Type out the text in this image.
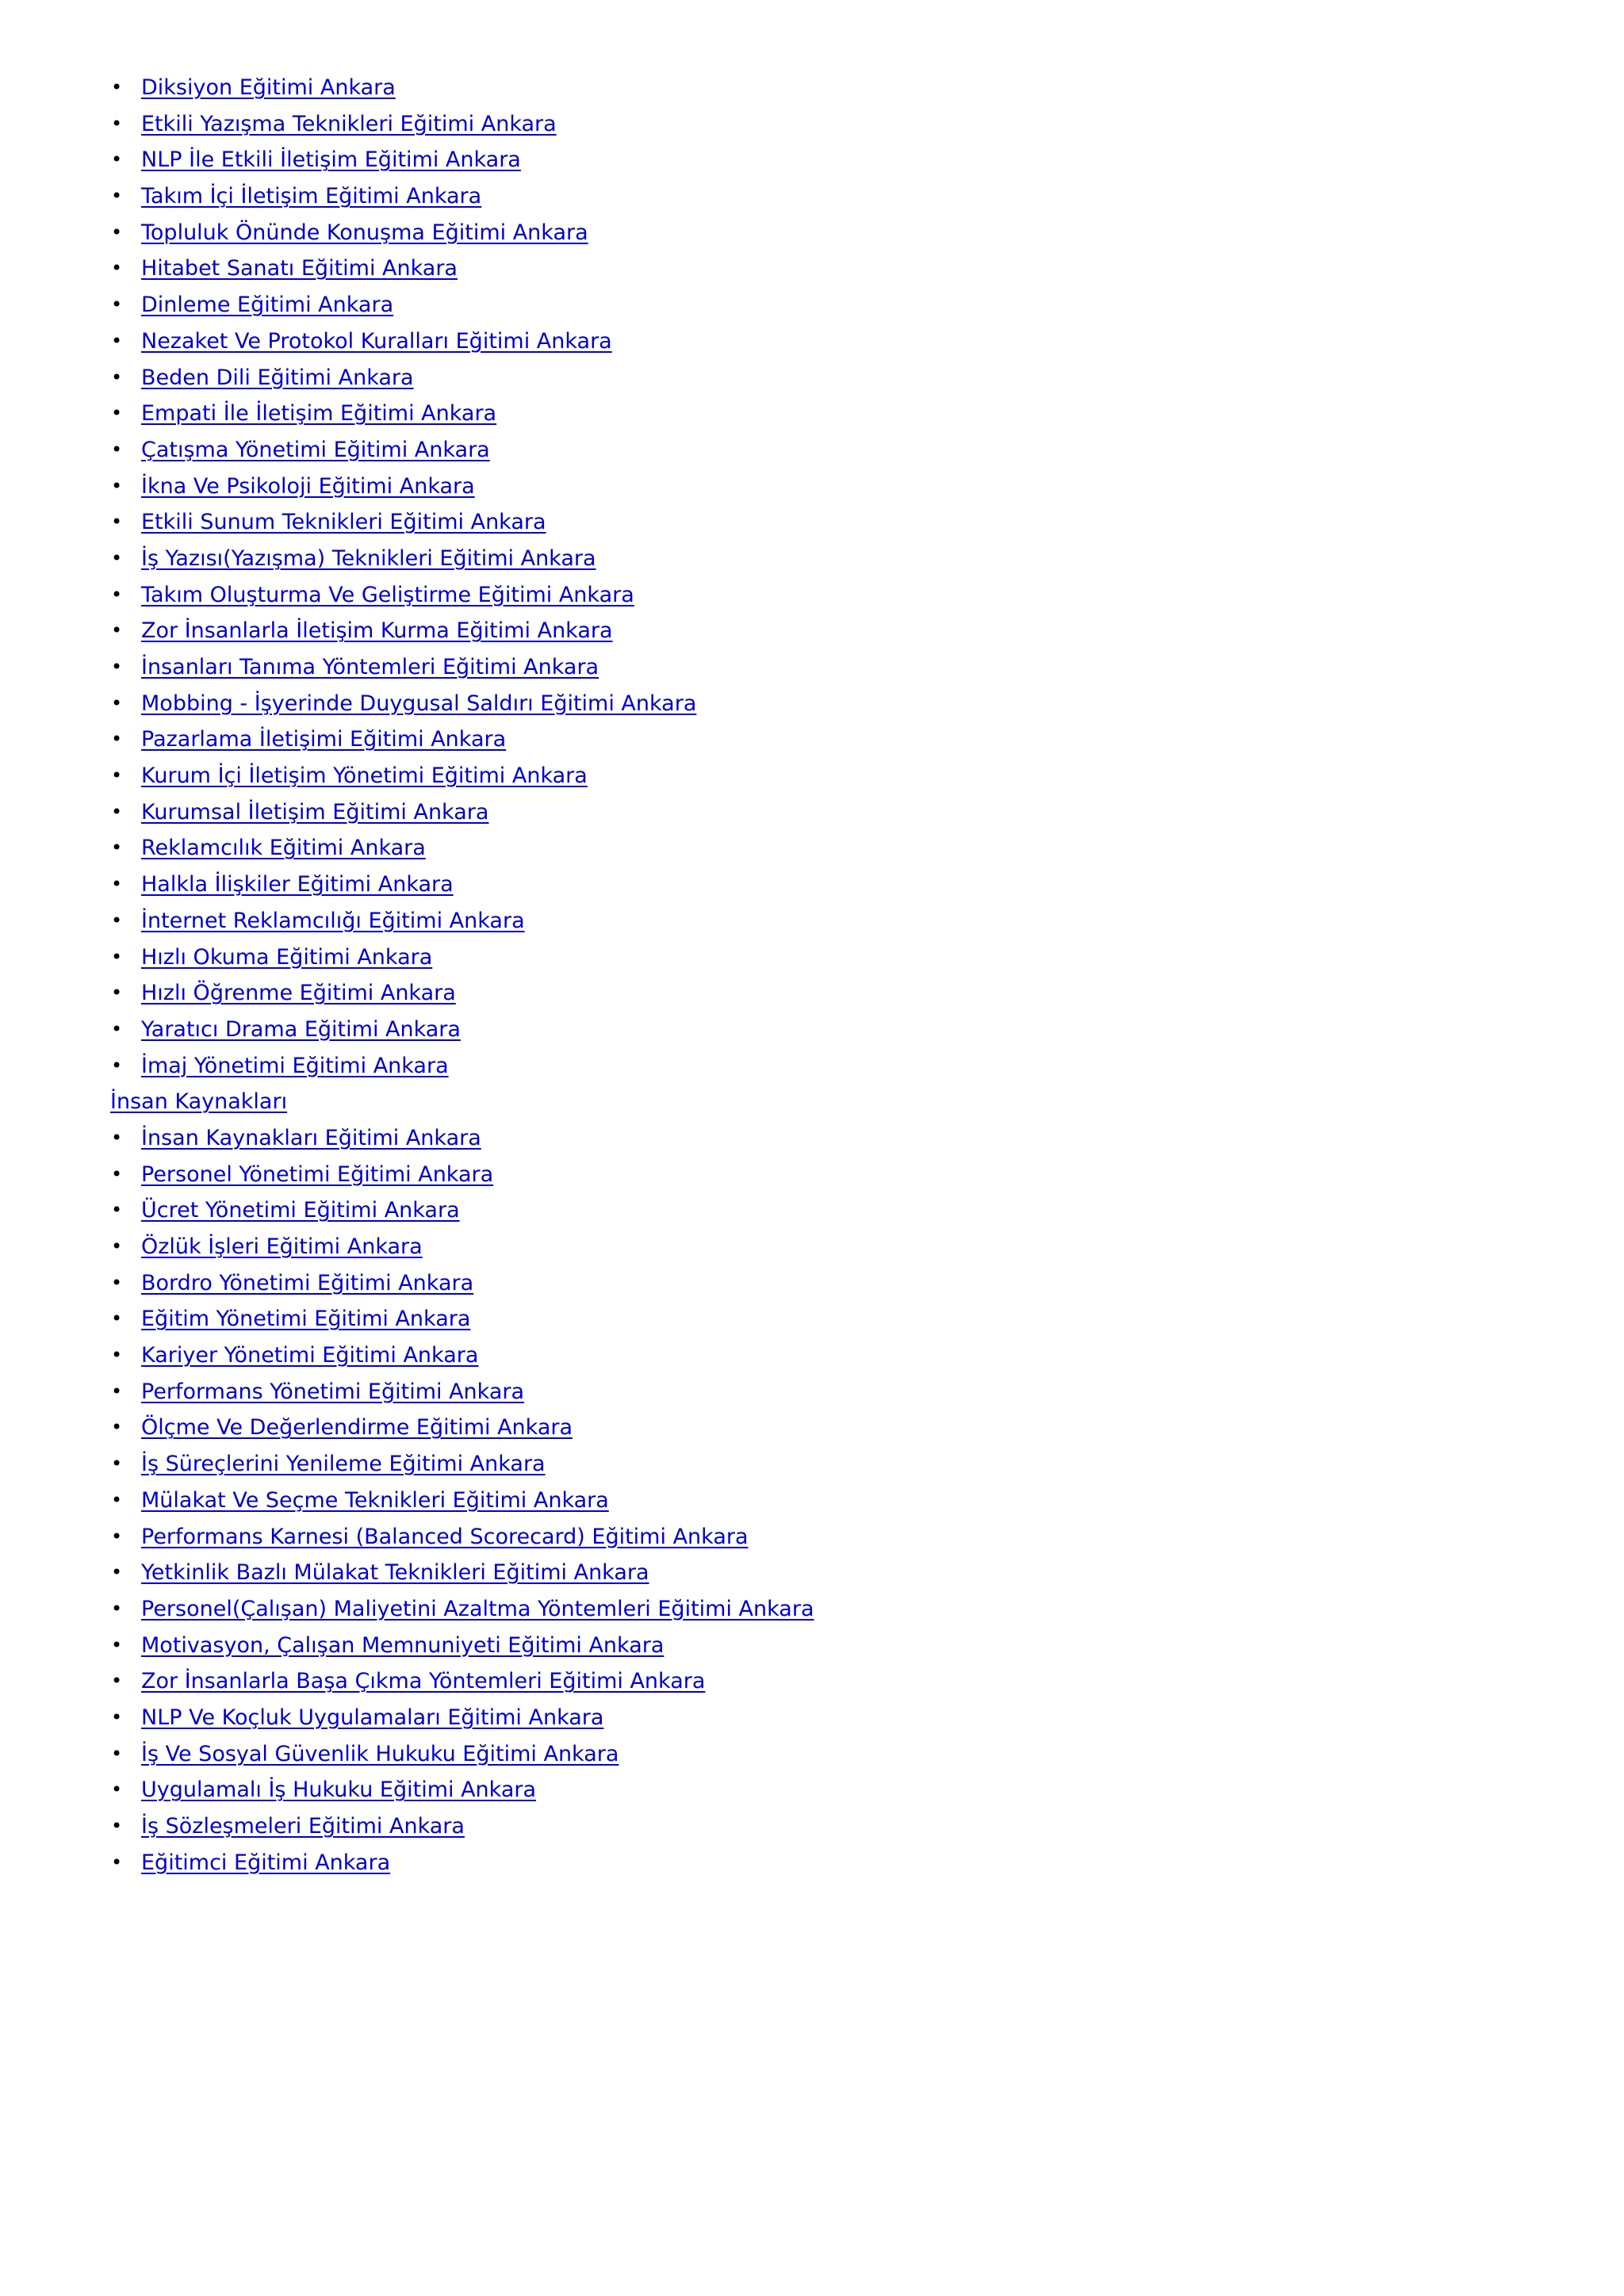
• Diksiyon Eğitimi Ankara
• Etkili Yazışma Teknikleri Eğitimi Ankara
• NLP İle Etkili İletişim Eğitimi Ankara
• Takım İçi İletişim Eğitimi Ankara
• Topluluk Önünde Konuşma Eğitimi Ankara
• Hitabet Sanatı Eğitimi Ankara
• Dinleme Eğitimi Ankara
• Nezaket Ve Protokol Kuralları Eğitimi Ankara
• Beden Dili Eğitimi Ankara
• Empati İle İletişim Eğitimi Ankara
• Çatışma Yönetimi Eğitimi Ankara
• İkna Ve Psikoloji Eğitimi Ankara
• Etkili Sunum Teknikleri Eğitimi Ankara
• İş Yazısı(Yazışma) Teknikleri Eğitimi Ankara
• Takım Oluşturma Ve Geliştirme Eğitimi Ankara
• Zor İnsanlarla İletişim Kurma Eğitimi Ankara
• İnsanları Tanıma Yöntemleri Eğitimi Ankara
• Mobbing - İşyerinde Duygusal Saldırı Eğitimi Ankara
• Pazarlama İletişimi Eğitimi Ankara
• Kurum İçi İletişim Yönetimi Eğitimi Ankara
• Kurumsal İletişim Eğitimi Ankara
• Reklamcılık Eğitimi Ankara
• Halkla İlişkiler Eğitimi Ankara
• İnternet Reklamcılığı Eğitimi Ankara
• Hızlı Okuma Eğitimi Ankara
• Hızlı Öğrenme Eğitimi Ankara
• Yaratıcı Drama Eğitimi Ankara
• İmaj Yönetimi Eğitimi Ankara
İnsan Kaynakları
• İnsan Kaynakları Eğitimi Ankara
• Personel Yönetimi Eğitimi Ankara
• Ücret Yönetimi Eğitimi Ankara
• Özlük İşleri Eğitimi Ankara
• Bordro Yönetimi Eğitimi Ankara
• Eğitim Yönetimi Eğitimi Ankara
• Kariyer Yönetimi Eğitimi Ankara
• Performans Yönetimi Eğitimi Ankara
• Ölçme Ve Değerlendirme Eğitimi Ankara
• İş Süreçlerini Yenileme Eğitimi Ankara
• Mülakat Ve Seçme Teknikleri Eğitimi Ankara
• Performans Karnesi (Balanced Scorecard) Eğitimi Ankara
• Yetkinlik Bazlı Mülakat Teknikleri Eğitimi Ankara
• Personel(Çalışan) Maliyetini Azaltma Yöntemleri Eğitimi Ankara
• Motivasyon, Çalışan Memnuniyeti Eğitimi Ankara
• Zor İnsanlarla Başa Çıkma Yöntemleri Eğitimi Ankara
• NLP Ve Koçluk Uygulamaları Eğitimi Ankara
• İş Ve Sosyal Güvenlik Hukuku Eğitimi Ankara
• Uygulamalı İş Hukuku Eğitimi Ankara
• İş Sözleşmeleri Eğitimi Ankara
• Eğitimci Eğitimi Ankara
